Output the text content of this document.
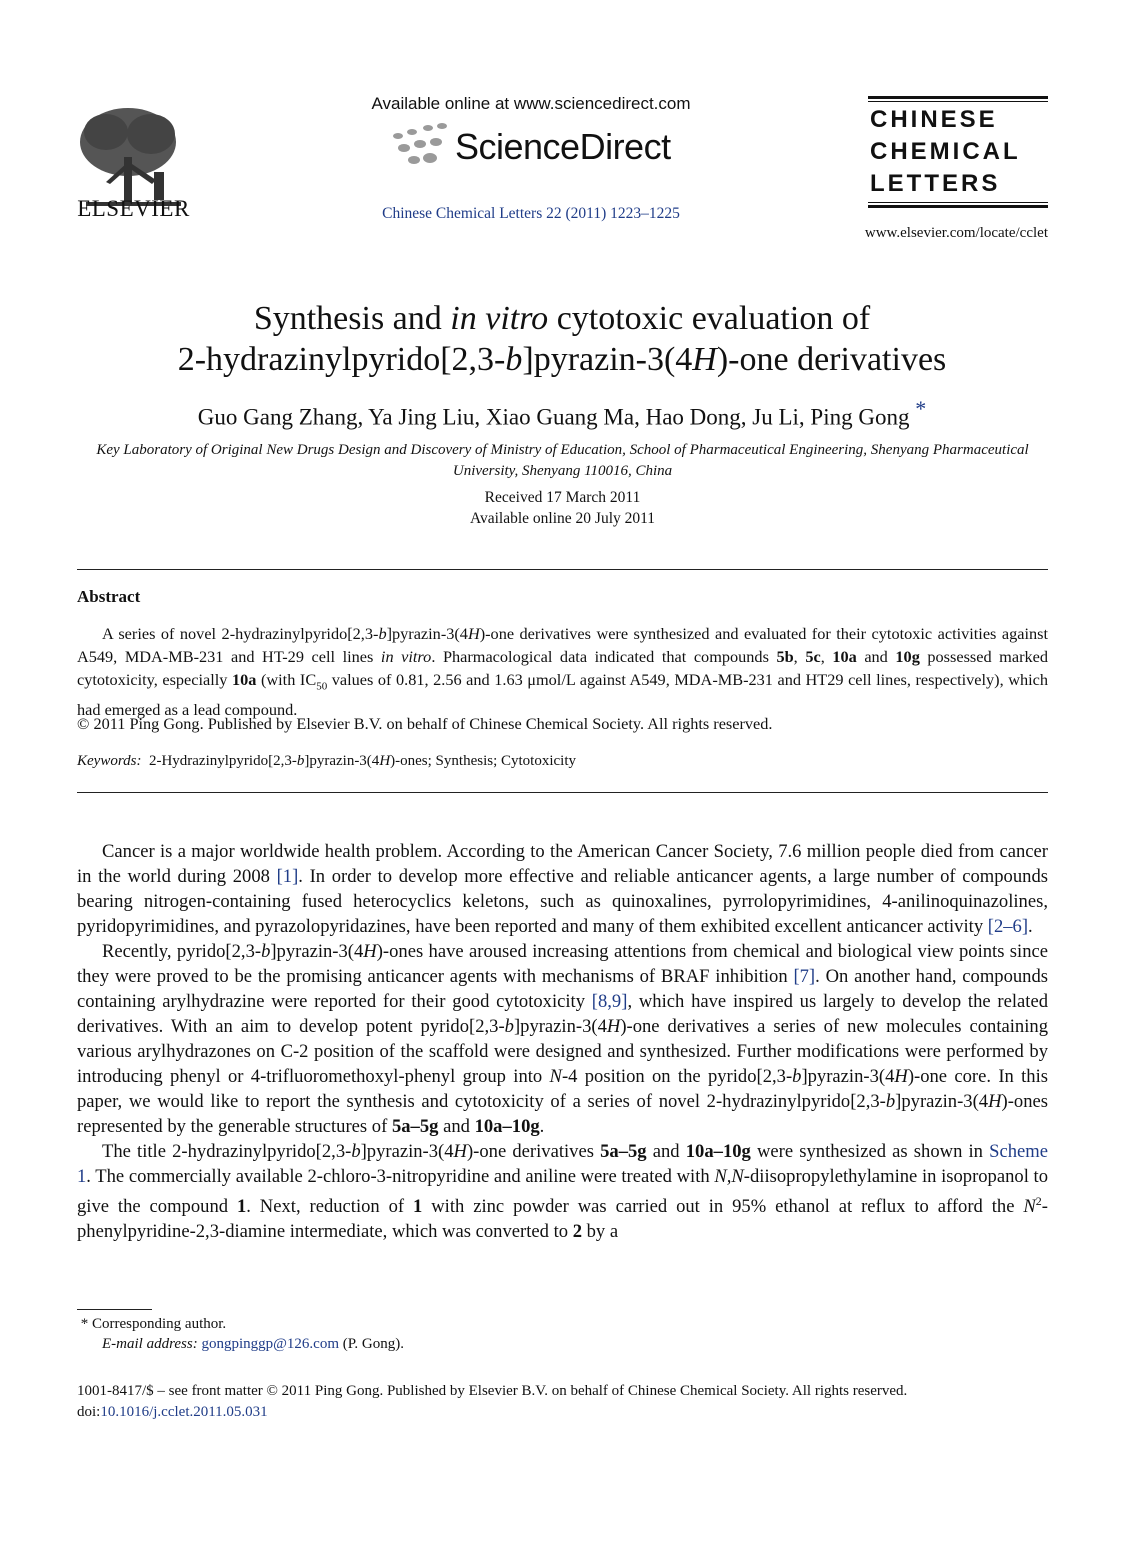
ELSEVIER
Available online at www.sciencedirect.com
ScienceDirect
Chinese Chemical Letters 22 (2011) 1223–1225
CHINESE
CHEMICAL
LETTERS
www.elsevier.com/locate/cclet
Synthesis and in vitro cytotoxic evaluation of
2-hydrazinylpyrido[2,3-b]pyrazin-3(4H)-one derivatives
Guo Gang Zhang, Ya Jing Liu, Xiao Guang Ma, Hao Dong, Ju Li, Ping Gong *
Key Laboratory of Original New Drugs Design and Discovery of Ministry of Education, School of Pharmaceutical Engineering, Shenyang Pharmaceutical University, Shenyang 110016, China
Received 17 March 2011
Available online 20 July 2011
Abstract

A series of novel 2-hydrazinylpyrido[2,3-b]pyrazin-3(4H)-one derivatives were synthesized and evaluated for their cytotoxic activities against A549, MDA-MB-231 and HT-29 cell lines in vitro. Pharmacological data indicated that compounds 5b, 5c, 10a and 10g possessed marked cytotoxicity, especially 10a (with $IC_{50}$ values of 0.81, 2.56 and 1.63 μmol/L against A549, MDA-MB-231 and HT29 cell lines, respectively), which had emerged as a lead compound.

© 2011 Ping Gong. Published by Elsevier B.V. on behalf of Chinese Chemical Society. All rights reserved.
Keywords: 2-Hydrazinylpyrido[2,3-b]pyrazin-3(4H)-ones; Synthesis; Cytotoxicity

Cancer is a major worldwide health problem. According to the American Cancer Society, 7.6 million people died from cancer in the world during 2008 [1]. In order to develop more effective and reliable anticancer agents, a large number of compounds bearing nitrogen-containing fused heterocyclics keletons, such as quinoxalines, pyrrolopyrimidines, 4-anilinoquinazolines, pyridopyrimidines, and pyrazolopyridazines, have been reported and many of them exhibited excellent anticancer activity [2–6].

Recently, pyrido[2,3-b]pyrazin-3(4H)-ones have aroused increasing attentions from chemical and biological view points since they were proved to be the promising anticancer agents with mechanisms of BRAF inhibition [7]. On another hand, compounds containing arylhydrazine were reported for their good cytotoxicity [8,9], which have inspired us largely to develop the related derivatives. With an aim to develop potent pyrido[2,3-b]pyrazin-3(4H)-one derivatives a series of new molecules containing various arylhydrazones on C-2 position of the scaffold were designed and synthesized. Further modifications were performed by introducing phenyl or 4-trifluoromethoxyl-phenyl group into N-4 position on the pyrido[2,3-b]pyrazin-3(4H)-one core. In this paper, we would like to report the synthesis and cytotoxicity of a series of novel 2-hydrazinylpyrido[2,3-b]pyrazin-3(4H)-ones represented by the generable structures of 5a–5g and 10a–10g.

The title 2-hydrazinylpyrido[2,3-b]pyrazin-3(4H)-one derivatives 5a–5g and 10a–10g were synthesized as shown in Scheme 1. The commercially available 2-chloro-3-nitropyridine and aniline were treated with N,N-diisopropylethylamine in isopropanol to give the compound 1. Next, reduction of 1 with zinc powder was carried out in 95% ethanol at reflux to afford the $N^2-phenylpyridine-2,3$-diamine intermediate, which was converted to 2 by a

* Corresponding author.
E-mail address: gongpinggp@126.com (P. Gong).
1001-8417/$ – see front matter © 2011 Ping Gong. Published by Elsevier B.V. on behalf of Chinese Chemical Society. All rights reserved.
doi:10.1016/j.cclet.2011.05.031
